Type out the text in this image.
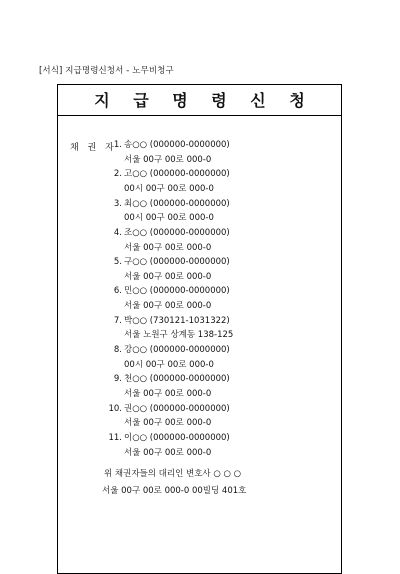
[서식] 지급명령신청서 - 노무비청구
지 급 명 령 신 청
채 권 자
1. 송○○ (000000-0000000)
서울 00구 00로 000-0
2. 고○○ (000000-0000000)
00시 00구 00로 000-0
3. 최○○ (000000-0000000)
00시 00구 00로 000-0
4. 조○○ (000000-0000000)
서울 00구 00로 000-0
5. 구○○ (000000-0000000)
서울 00구 00로 000-0
6. 민○○ (000000-0000000)
서울 00구 00로 000-0
7. 박○○ (730121-1031322)
서울 노원구 상계동 138-125
8. 강○○ (000000-0000000)
00시 00구 00로 000-0
9. 천○○ (000000-0000000)
서울 00구 00로 000-0
10. 권○○ (000000-0000000)
서울 00구 00로 000-0
11. 이○○ (000000-0000000)
서울 00구 00로 000-0
위 채권자들의 대리인 변호사 ○ ○ ○
서울 00구 00로 000-0 00빌딩 401호
